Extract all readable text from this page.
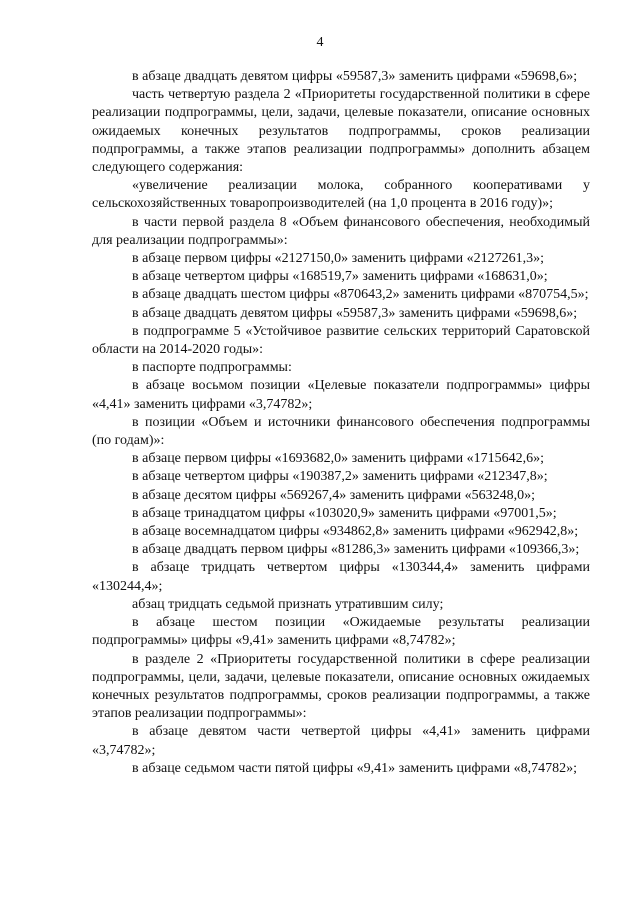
4

в абзаце двадцать девятом цифры «59587,3» заменить цифрами «59698,6»;

часть четвертую раздела 2 «Приоритеты государственной политики в сфере реализации подпрограммы, цели, задачи, целевые показатели, описание основных ожидаемых конечных результатов подпрограммы, сроков реализации подпрограммы, а также этапов реализации подпрограммы» дополнить абзацем следующего содержания:

«увеличение реализации молока, собранного кооперативами у сельскохозяйственных товаропроизводителей (на 1,0 процента в 2016 году)»;

в части первой раздела 8 «Объем финансового обеспечения, необходимый для реализации подпрограммы»:

в абзаце первом цифры «2127150,0» заменить цифрами «2127261,3»;

в абзаце четвертом цифры «168519,7» заменить цифрами «168631,0»;

в абзаце двадцать шестом цифры «870643,2» заменить цифрами «870754,5»;

в абзаце двадцать девятом цифры «59587,3» заменить цифрами «59698,6»;

в подпрограмме 5 «Устойчивое развитие сельских территорий Саратовской области на 2014-2020 годы»:

в паспорте подпрограммы:

в абзаце восьмом позиции «Целевые показатели подпрограммы» цифры «4,41» заменить цифрами «3,74782»;

в позиции «Объем и источники финансового обеспечения подпрограммы (по годам)»:

в абзаце первом цифры «1693682,0» заменить цифрами «1715642,6»;

в абзаце четвертом цифры «190387,2» заменить цифрами «212347,8»;

в абзаце десятом цифры «569267,4» заменить цифрами «563248,0»;

в абзаце тринадцатом цифры «103020,9» заменить цифрами «97001,5»;

в абзаце восемнадцатом цифры «934862,8» заменить цифрами «962942,8»;

в абзаце двадцать первом цифры «81286,3» заменить цифрами «109366,3»;

в абзаце тридцать четвертом цифры «130344,4» заменить цифрами «130244,4»;

абзац тридцать седьмой признать утратившим силу;

в абзаце шестом позиции «Ожидаемые результаты реализации подпрограммы» цифры «9,41» заменить цифрами «8,74782»;

в разделе 2 «Приоритеты государственной политики в сфере реализации подпрограммы, цели, задачи, целевые показатели, описание основных ожидаемых конечных результатов подпрограммы, сроков реализации подпрограммы, а также этапов реализации подпрограммы»:

в абзаце девятом части четвертой цифры «4,41» заменить цифрами «3,74782»;

в абзаце седьмом части пятой цифры «9,41» заменить цифрами «8,74782»;
